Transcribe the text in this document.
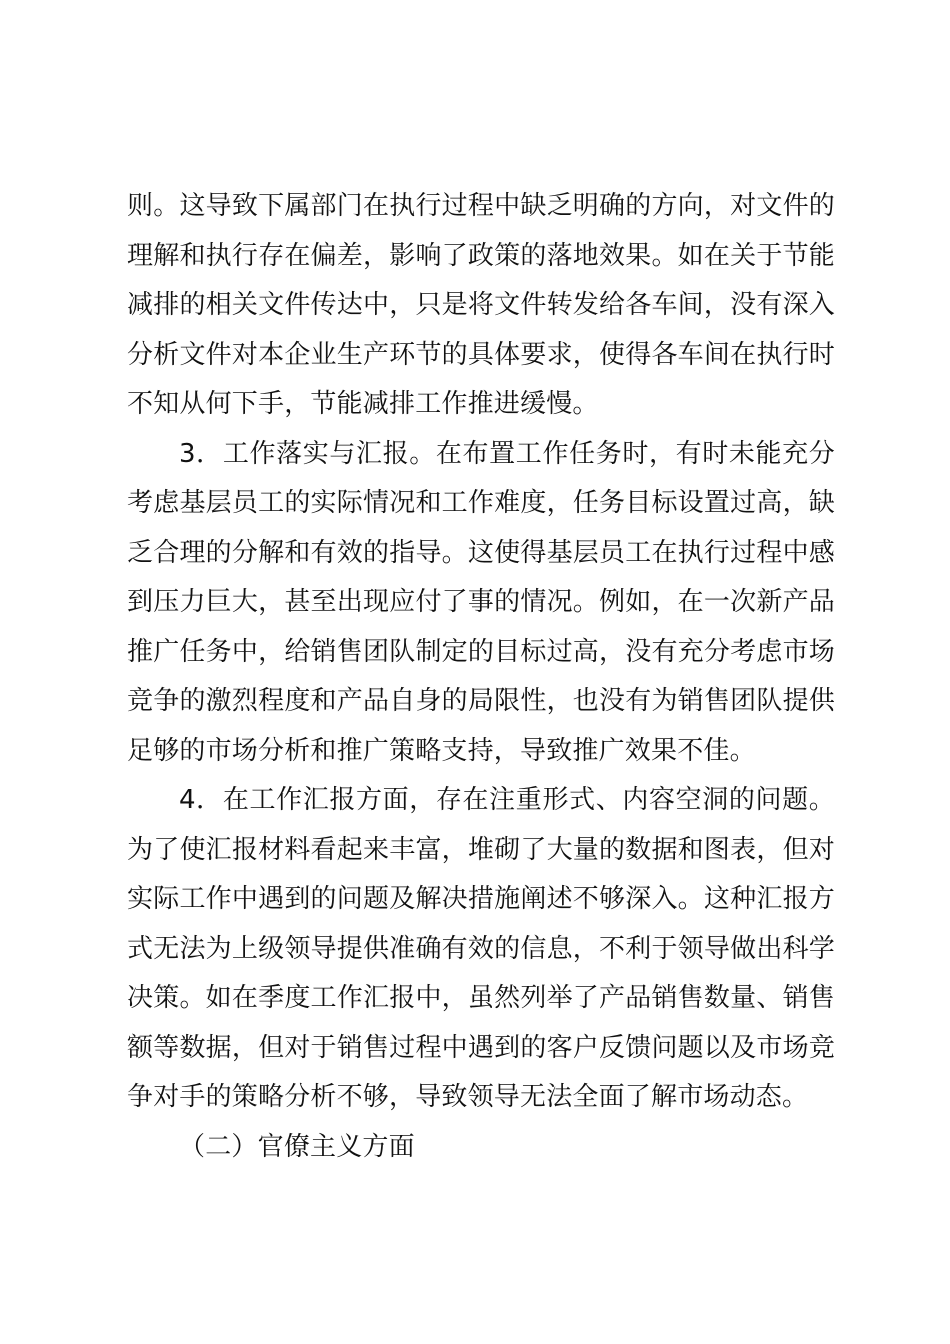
则。这导致下属部门在执行过程中缺乏明确的方向，对文件的理解和执行存在偏差，影响了政策的落地效果。如在关于节能减排的相关文件传达中，只是将文件转发给各车间，没有深入分析文件对本企业生产环节的具体要求，使得各车间在执行时不知从何下手，节能减排工作推进缓慢。

3．工作落实与汇报。在布置工作任务时，有时未能充分考虑基层员工的实际情况和工作难度，任务目标设置过高，缺乏合理的分解和有效的指导。这使得基层员工在执行过程中感到压力巨大，甚至出现应付了事的情况。例如，在一次新产品推广任务中，给销售团队制定的目标过高，没有充分考虑市场竞争的激烈程度和产品自身的局限性，也没有为销售团队提供足够的市场分析和推广策略支持，导致推广效果不佳。

4．在工作汇报方面，存在注重形式、内容空洞的问题。为了使汇报材料看起来丰富，堆砌了大量的数据和图表，但对实际工作中遇到的问题及解决措施阐述不够深入。这种汇报方式无法为上级领导提供准确有效的信息，不利于领导做出科学决策。如在季度工作汇报中，虽然列举了产品销售数量、销售额等数据，但对于销售过程中遇到的客户反馈问题以及市场竞争对手的策略分析不够，导致领导无法全面了解市场动态。

（二）官僚主义方面
